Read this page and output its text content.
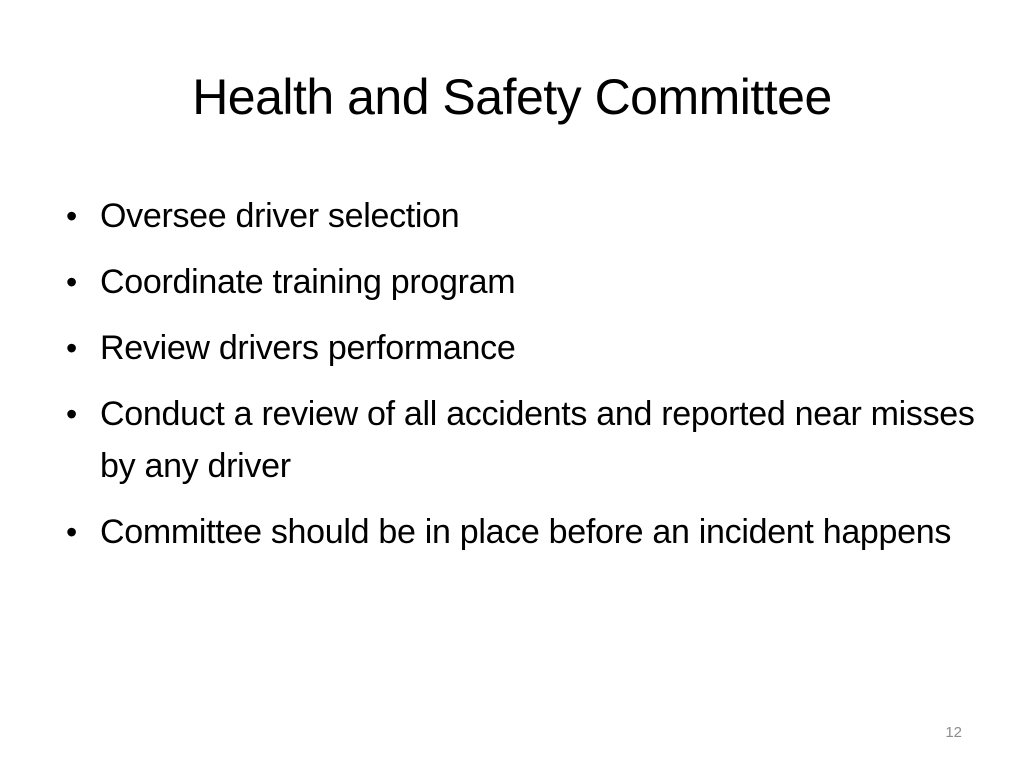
Health and Safety Committee
• Oversee driver selection
• Coordinate training program
• Review drivers performance
• Conduct a review of all accidents and reported near misses by any driver
• Committee should be in place before an incident happens
12
